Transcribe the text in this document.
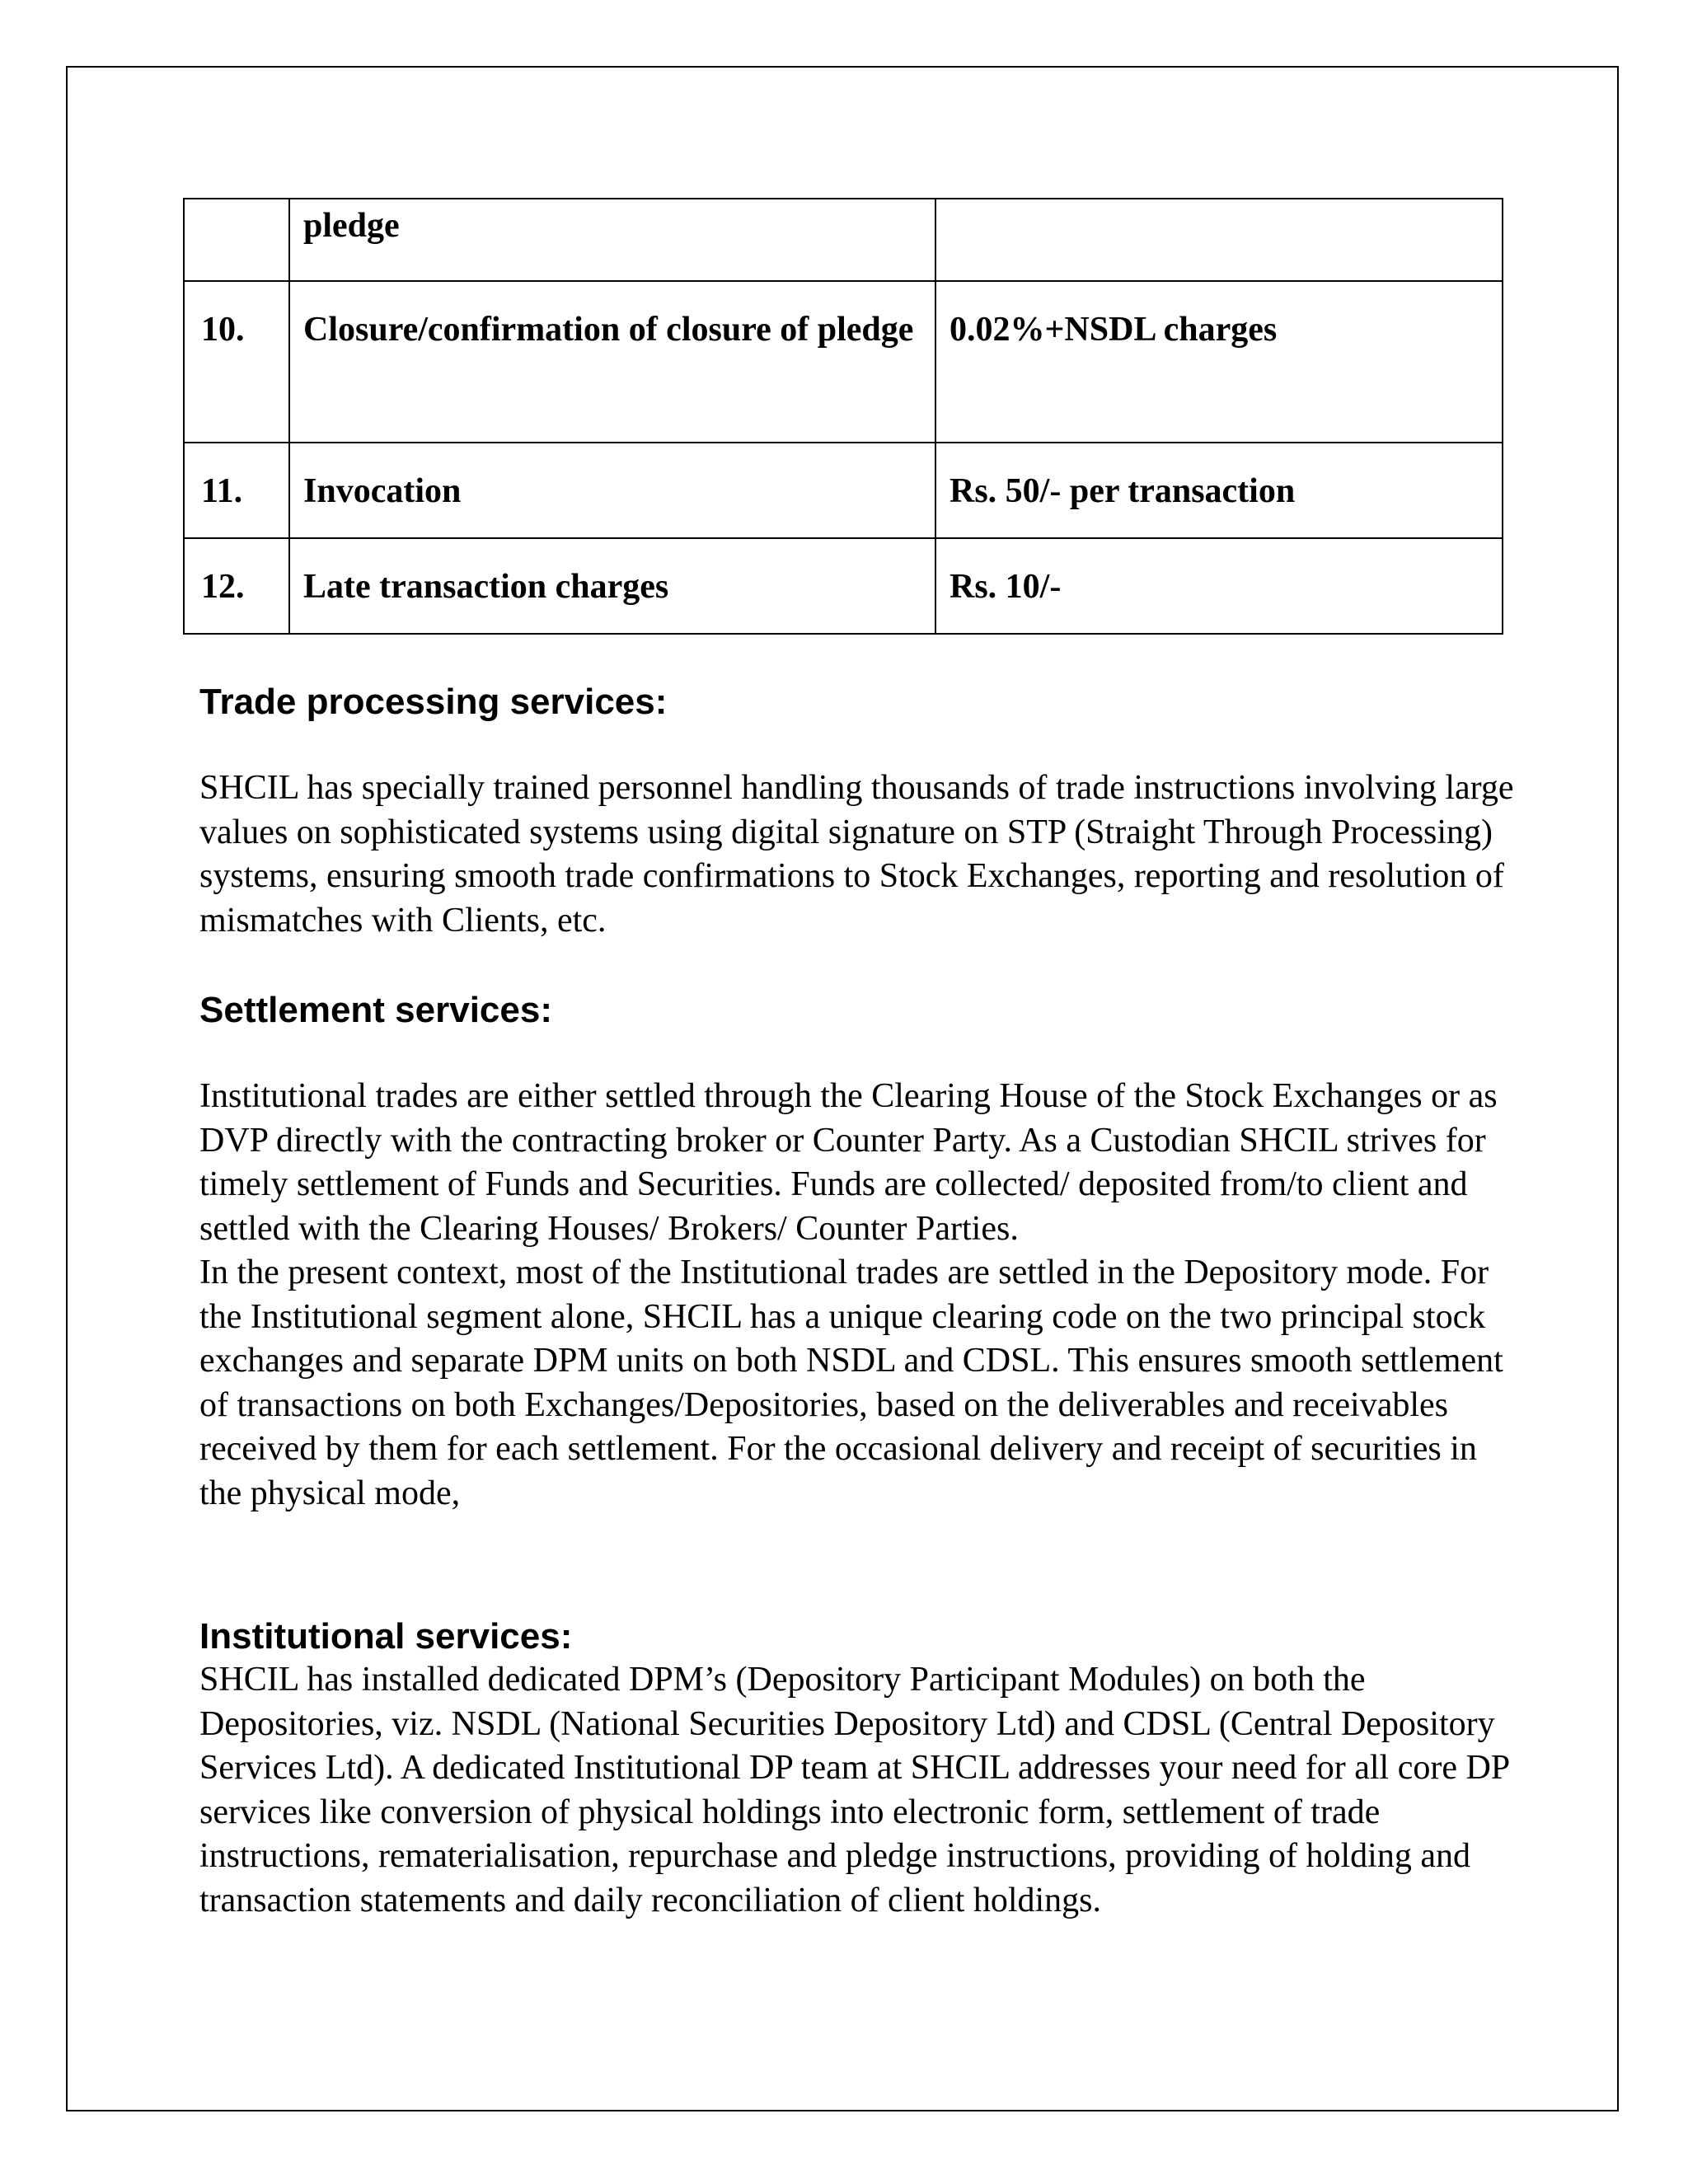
	pledge	

10.	Closure/confirmation of closure of pledge	0.02%+NSDL charges
11.	Invocation	Rs. 50/- per transaction
12.	Late transaction charges	Rs. 10/-
Trade processing services:

SHCIL has specially trained personnel handling thousands of trade instructions involving large values on sophisticated systems using digital signature on STP (Straight Through Processing) systems, ensuring smooth trade confirmations to Stock Exchanges, reporting and resolution of mismatches with Clients, etc.

Settlement services:
Institutional trades are either settled through the Clearing House of the Stock Exchanges or as DVP directly with the contracting broker or Counter Party. As a Custodian SHCIL strives for timely settlement of Funds and Securities. Funds are collected/ deposited from/to client and settled with the Clearing Houses/ Brokers/ Counter Parties.
In the present context, most of the Institutional trades are settled in the Depository mode. For the Institutional segment alone, SHCIL has a unique clearing code on the two principal stock exchanges and separate DPM units on both NSDL and CDSL. This ensures smooth settlement of transactions on both Exchanges/Depositories, based on the deliverables and receivables received by them for each settlement. For the occasional delivery and receipt of securities in the physical mode,
Institutional services:

SHCIL has installed dedicated DPM’s (Depository Participant Modules) on both the Depositories, viz. NSDL (National Securities Depository Ltd) and CDSL (Central Depository Services Ltd). A dedicated Institutional DP team at SHCIL addresses your need for all core DP services like conversion of physical holdings into electronic form, settlement of trade instructions, rematerialisation, repurchase and pledge instructions, providing of holding and transaction statements and daily reconciliation of client holdings.
